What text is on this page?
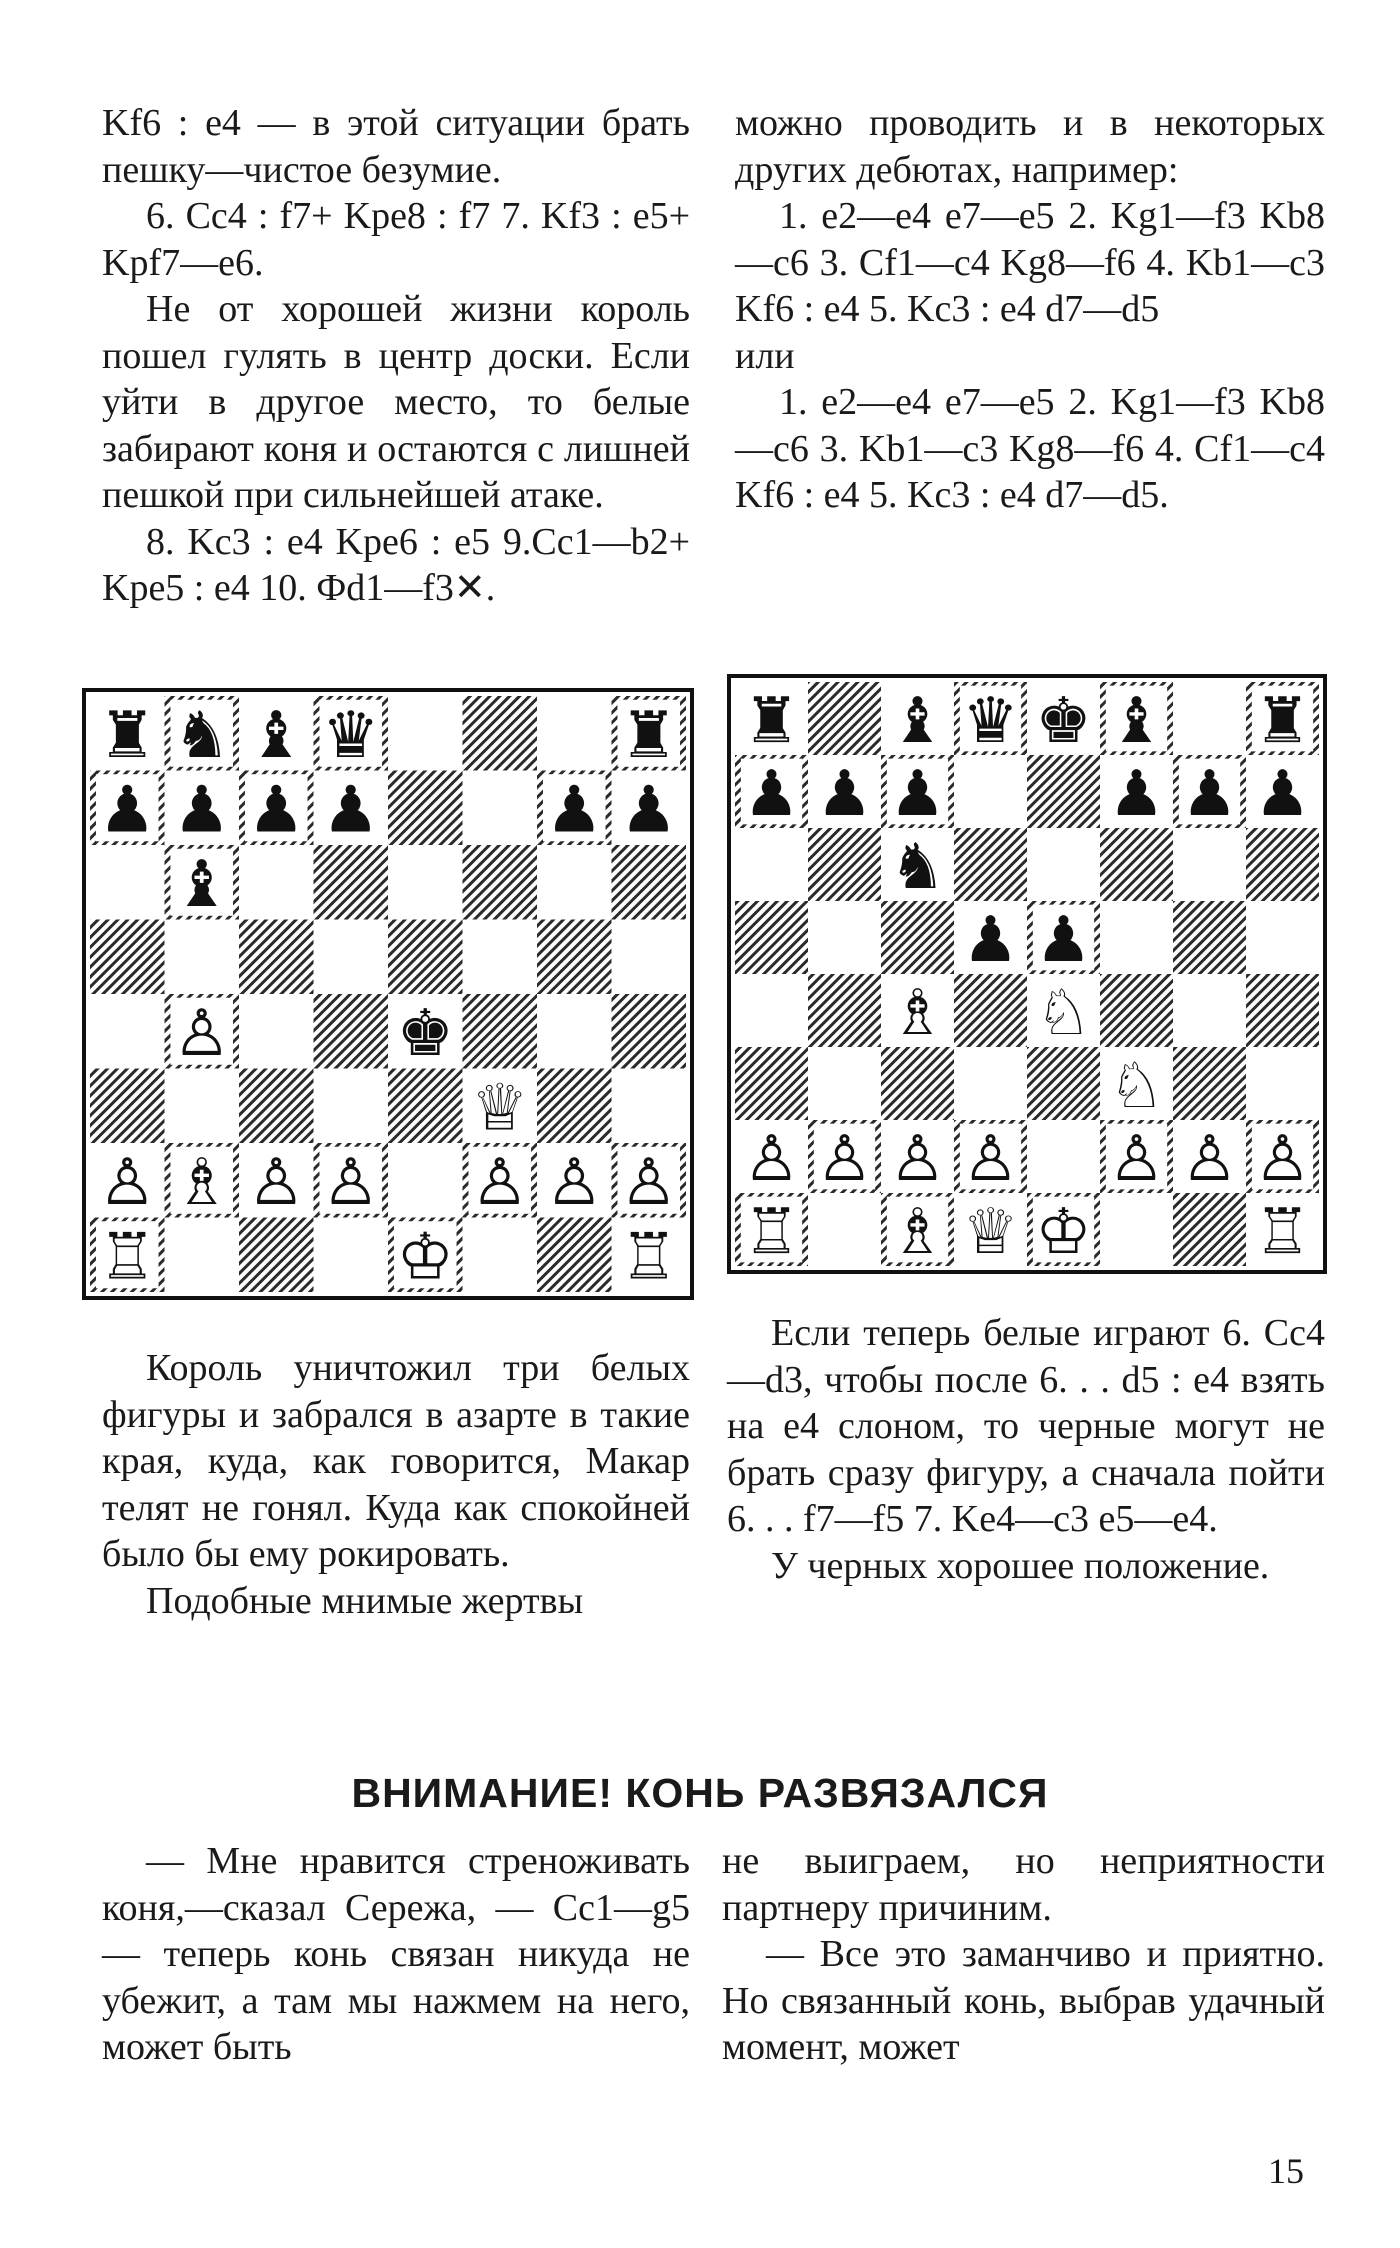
Kf6 : e4 — в этой ситуации брать пешку—чистое безумие.

6. Cc4 : f7+ Kpe8 : f7 7. Kf3 : e5+ Kpf7—e6.

Не от хорошей жизни король пошел гулять в центр доски. Если уйти в другое место, то белые забирают коня и остаются с лишней пешкой при сильнейшей атаке.

8. Kc3 : e4 Kpe6 : e5 9.Cc1—b2+ Kpe5 : e4 10. Фd1—f3✕.

можно проводить и в некоторых других дебютах, например:

1. e2—e4 e7—e5 2. Kg1—f3 Kb8—c6 3. Cf1—c4 Kg8—f6 4. Kb1—c3 Kf6 : e4 5. Kc3 : e4 d7—d5

или

1. e2—e4 e7—e5 2. Kg1—f3 Kb8—c6 3. Kb1—c3 Kg8—f6 4. Cf1—c4 Kf6 : e4 5. Kc3 : e4 d7—d5.

♜ ♞ ♝ ♛	♜
♟ ♟ ♟ ♟	♟ ♟
♝
♙	♚
♕
♙ ♗ ♙ ♙ ♙ ♙ ♙
♖	♔	♖
♜ ♝ ♛ ♚ ♝ ♜
♟ ♟ ♟	♟ ♟ ♟
♞
♟ ♟
♗ ♘
♘
♙ ♙ ♙ ♙ ♙ ♙ ♙
♖ ♗ ♕ ♔	♖

Король уничтожил три белых фигуры и забрался в азарте в такие края, куда, как говорится, Макар телят не гонял. Куда как спокойней было бы ему рокировать.

Подобные мнимые жертвы

Если теперь белые играют 6. Cc4—d3, чтобы после 6. . . d5 : e4 взять на e4 слоном, то черные могут не брать сразу фигуру, а сначала пойти 6. . . f7—f5 7. Ke4—c3 e5—e4.

У черных хорошее положение.

ВНИМАНИЕ! КОНЬ РАЗВЯЗАЛСЯ

— Мне нравится стреноживать коня,—сказал Сережа, — Cc1—g5 — теперь конь связан никуда не убежит, а там мы нажмем на него, может быть

не выиграем, но неприятности партнеру причиним.

— Все это заманчиво и приятно. Но связанный конь, выбрав удачный момент, может

15
